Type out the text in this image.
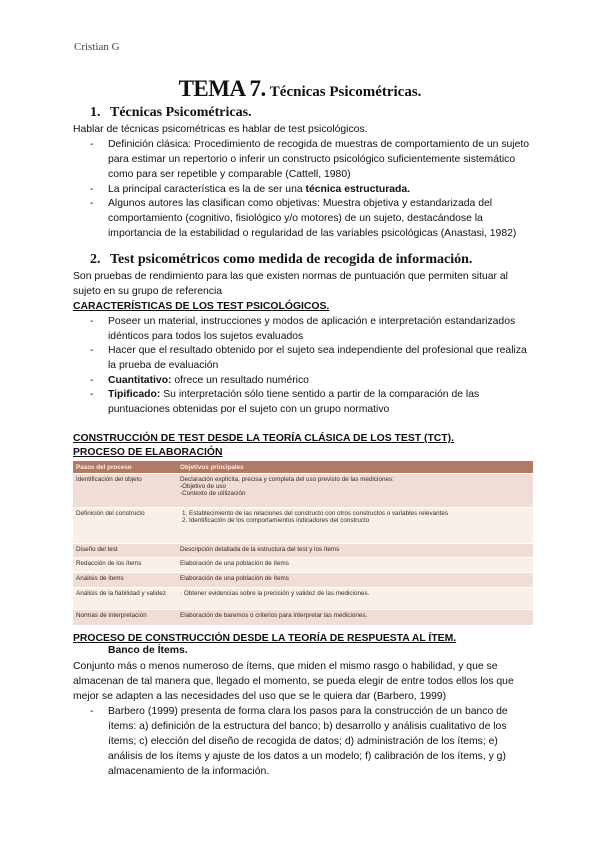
Cristian G
TEMA 7. Técnicas Psicométricas.
1. Técnicas Psicométricas.
Hablar de técnicas psicométricas es hablar de test psicológicos.
- Definición clásica: Procedimiento de recogida de muestras de comportamiento de un sujeto para estimar un repertorio o inferir un constructo psicológico suficientemente sistemático como para ser repetible y comparable (Cattell, 1980)
- La principal característica es la de ser una técnica estructurada.
- Algunos autores las clasifican como objetivas: Muestra objetiva y estandarizada del comportamiento (cognitivo, fisiológico y/o motores) de un sujeto, destacándose la importancia de la estabilidad o regularidad de las variables psicológicas (Anastasi, 1982)
2. Test psicométricos como medida de recogida de información.
Son pruebas de rendimiento para las que existen normas de puntuación que permiten situar al sujeto en su grupo de referencia
CARACTERÍSTICAS DE LOS TEST PSICOLÓGICOS.
- Poseer un material, instrucciones y modos de aplicación e interpretación estandarizados idénticos para todos los sujetos evaluados
- Hacer que el resultado obtenido por el sujeto sea independiente del profesional que realiza la prueba de evaluación
- Cuantitativo: ofrece un resultado numérico
- Tipificado: Su interpretación sólo tiene sentido a partir de la comparación de las puntuaciones obtenidas por el sujeto con un grupo normativo
CONSTRUCCIÓN DE TEST DESDE LA TEORÍA CLÁSICA DE LOS TEST (TCT).
PROCESO DE ELABORACIÓN
Pasos del proceso	Objetivos principales
Identificación del objeto	Declaración explícita, precisa y completa del uso previsto de las mediciones:
-Objetivo de uso
-Contexto de utilización

Definición del constructo	1. Establecimiento de las relaciones del constructo con otros constructos o variables relevantes
2. Identificación de los comportamientos indicadores del constructo

Diseño del test	Descripción detallada de la estructura del test y los ítems
Redacción de los ítems	Elaboración de una población de ítems
Análisis de ítems	Elaboración de una población de ítems
Análisis de la fiabilidad y validez	· Obtener evidencias sobre la precisión y validez de las mediciones.
Normas de interpretación	Elaboración de baremos o criterios para interpretar las mediciones.
PROCESO DE CONSTRUCCIÓN DESDE LA TEORÍA DE RESPUESTA AL ÍTEM.
Banco de Ítems.
Conjunto más o menos numeroso de ítems, que miden el mismo rasgo o habilidad, y que se almacenan de tal manera que, llegado el momento, se pueda elegir de entre todos ellos los que mejor se adapten a las necesidades del uso que se le quiera dar (Barbero, 1999)
- Barbero (1999) presenta de forma clara los pasos para la construcción de un banco de ítems: a) definición de la estructura del banco; b) desarrollo y análisis cualitativo de los ítems; c) elección del diseño de recogida de datos; d) administración de los ítems; e) análisis de los ítems y ajuste de los datos a un modelo; f) calibración de los ítems, y g) almacenamiento de la información.
